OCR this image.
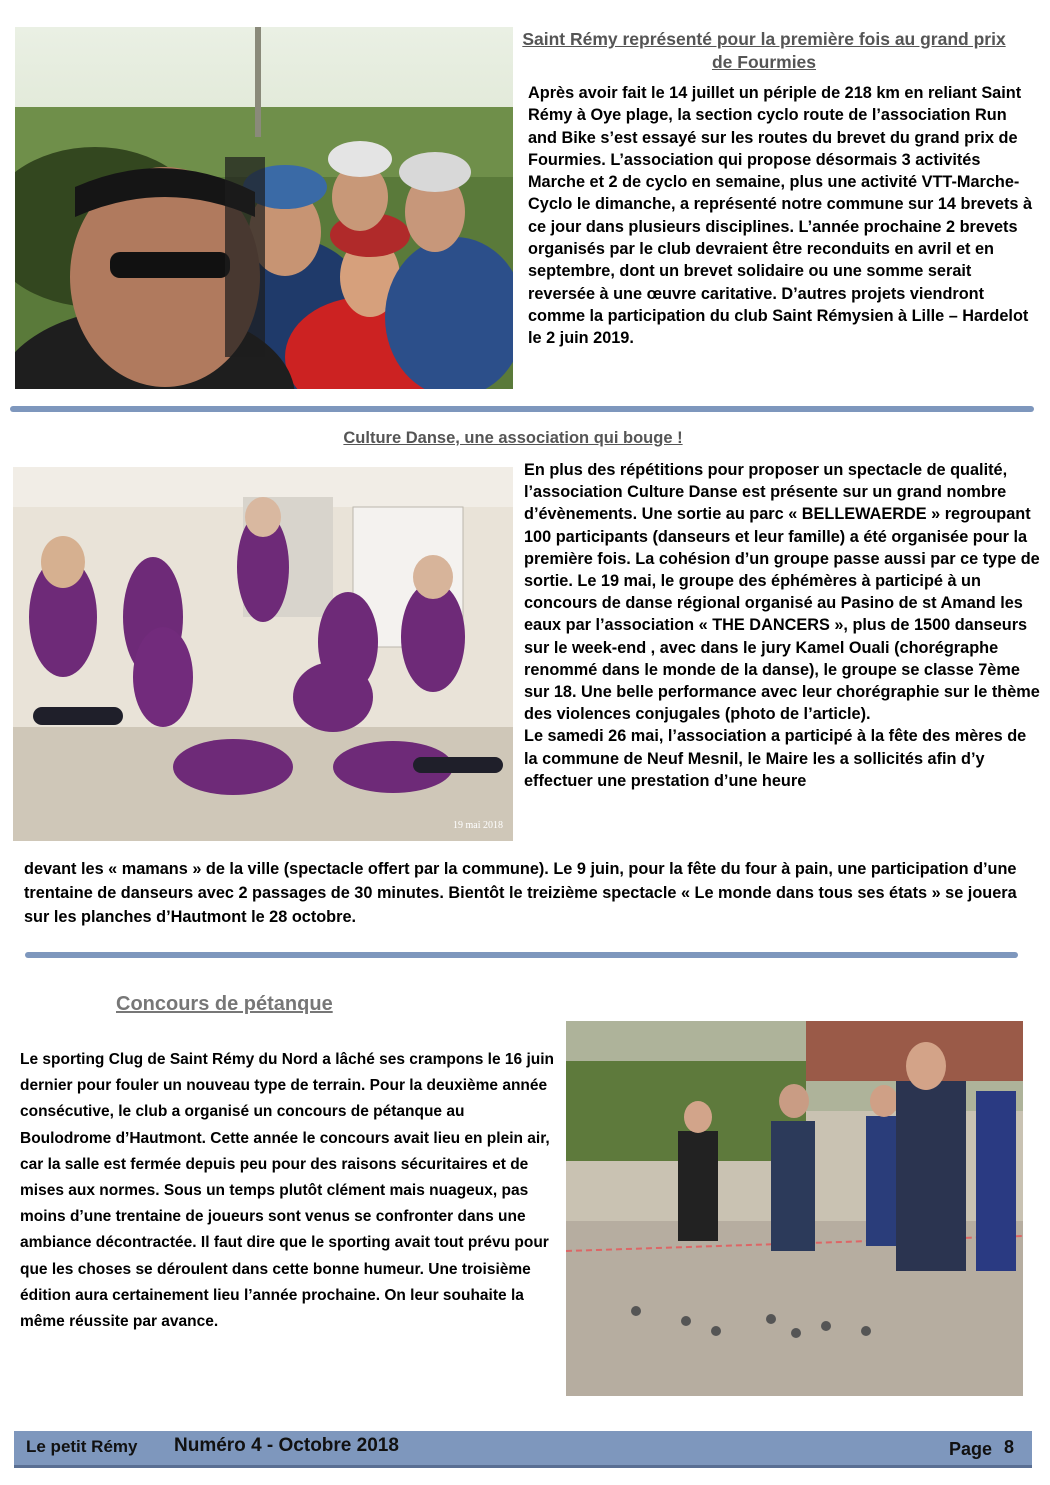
Saint Rémy représenté pour la première fois au grand prix de Fourmies
Après avoir fait le 14 juillet un périple de 218 km en reliant Saint Rémy à Oye plage, la section cyclo route de l’association Run and Bike s’est essayé sur les routes du brevet du grand prix de Fourmies. L’association qui propose désormais 3 activités Marche et 2 de cyclo en semaine, plus une activité VTT-Marche-Cyclo le dimanche, a représenté notre commune sur 14 brevets à ce jour dans plusieurs disciplines. L’année prochaine 2 brevets organisés par le club devraient être reconduits en avril et en septembre, dont un brevet solidaire ou une somme serait reversée à une œuvre caritative. D’autres projets viendront comme la participation du club Saint Rémysien à Lille – Hardelot le 2 juin 2019.
Culture Danse, une association qui bouge !
19 mai 2018
En plus des répétitions pour proposer un spectacle de qualité, l’association Culture Danse est présente sur un grand nombre d’évènements. Une sortie au parc « BELLEWAERDE » regroupant 100 participants (danseurs et leur famille) a été organisée pour la première fois. La cohésion d’un groupe passe aussi par ce type de sortie. Le 19 mai, le groupe des éphémères à participé à un concours de danse régional organisé au Pasino de st Amand les eaux par l’association « THE DANCERS », plus de 1500 danseurs sur le week-end , avec dans le jury Kamel Ouali (chorégraphe renommé dans le monde de la danse), le groupe se classe 7ème sur 18. Une belle performance avec leur chorégraphie sur le thème des violences conjugales (photo de l’article).
Le samedi 26 mai, l’association a participé à la fête des mères de la commune de Neuf Mesnil, le Maire les a sollicités afin d’y effectuer une prestation d’une heure
devant les « mamans » de la ville (spectacle offert par la commune). Le 9 juin, pour la fête du four à pain, une participation d’une trentaine de danseurs avec 2 passages de 30 minutes. Bientôt le treizième spectacle « Le monde dans tous ses états » se jouera sur les planches d’Hautmont le 28 octobre.
Concours de pétanque
Le sporting Clug de Saint Rémy du Nord a lâché ses crampons le 16 juin dernier pour fouler un nouveau type de terrain. Pour la deuxième année consécutive, le club a organisé un concours de pétanque au Boulodrome d’Hautmont. Cette année le concours avait lieu en plein air, car la salle est fermée depuis peu pour des raisons sécuritaires et de mises aux normes. Sous un temps plutôt clément mais nuageux, pas moins d’une trentaine de joueurs sont venus se confronter dans une ambiance décontractée. Il faut dire que le sporting avait tout prévu pour que les choses se déroulent dans cette bonne humeur. Une troisième édition aura certainement lieu l’année prochaine. On leur souhaite la même réussite par avance.
Le petit Rémy Numéro 4 - Octobre 2018	Page 8
